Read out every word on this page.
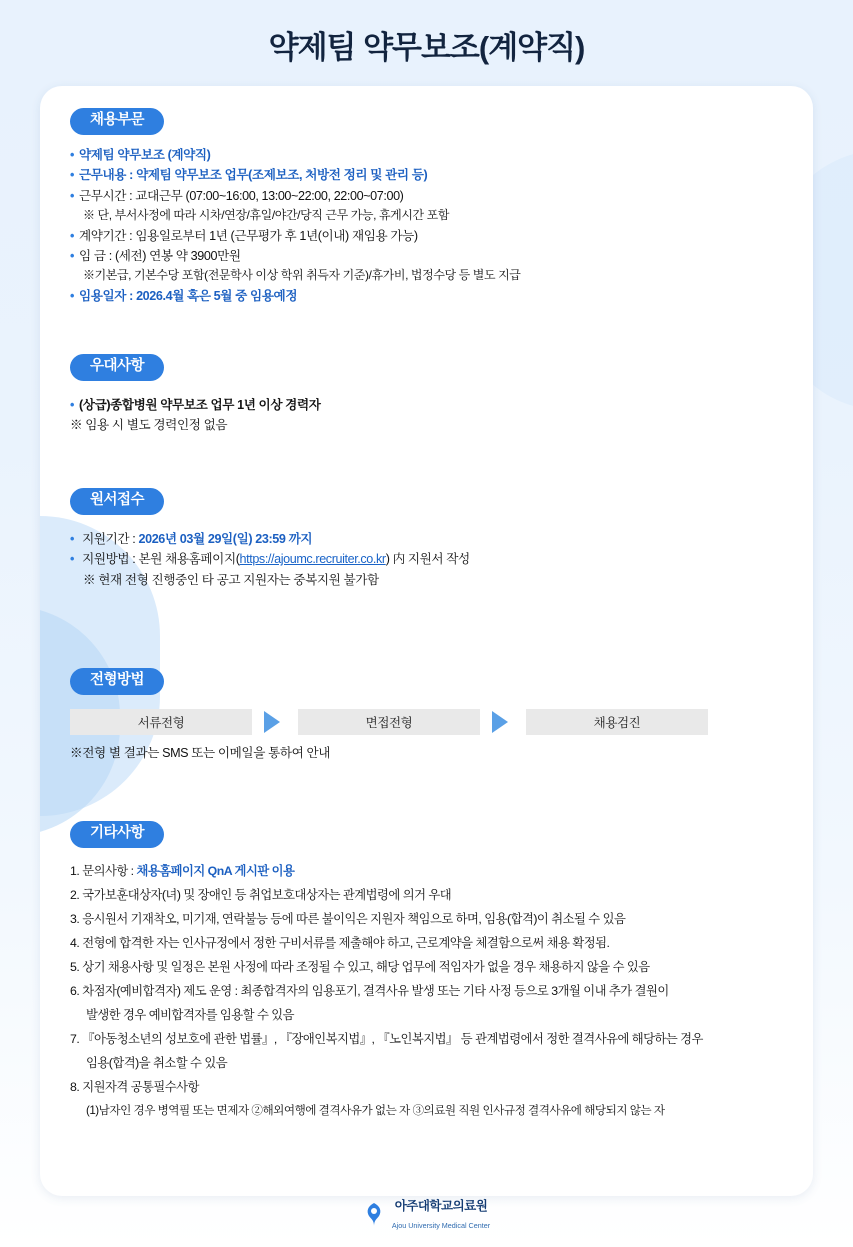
약제팀 약무보조(계약직)
채용부문
• 약제팀 약무보조 (계약직)
• 근무내용 : 약제팀 약무보조 업무(조제보조, 처방전 정리 및 관리 등)
• 근무시간 : 교대근무 (07:00~16:00, 13:00~22:00, 22:00~07:00)
※ 단, 부서사정에 따라 시차/연장/휴일/야간/당직 근무 가능, 휴게시간 포함
• 계약기간 : 임용일로부터 1년 (근무평가 후 1년(이내) 재임용 가능)
• 임 금 : (세전) 연봉 약 3900만원
※기본급, 기본수당 포함(전문학사 이상 학위 취득자 기준)/휴가비, 법정수당 등 별도 지급
• 임용일자 : 2026.4월 혹은 5월 중 임용예정
우대사항
• (상급)종합병원 약무보조 업무 1년 이상 경력자
※ 임용 시 별도 경력인정 없음
원서접수
• 지원기간 : 2026년 03월 29일(일) 23:59 까지
• 지원방법 : 본원 채용홈페이지(https://ajoumc.recruiter.co.kr) 内 지원서 작성
※ 현재 전형 진행중인 타 공고 지원자는 중복지원 불가함
전형방법
서류전형	면접전형	채용검진
※전형 별 결과는 SMS 또는 이메일을 통하여 안내
기타사항
1. 문의사항 : 채용홈페이지 QnA 게시판 이용
2. 국가보훈대상자(녀) 및 장애인 등 취업보호대상자는 관계법령에 의거 우대
3. 응시원서 기재착오, 미기재, 연락불능 등에 따른 불이익은 지원자 책임으로 하며, 임용(합격)이 취소될 수 있음
4. 전형에 합격한 자는 인사규정에서 정한 구비서류를 제출해야 하고, 근로계약을 체결함으로써 채용 확정됨.
5. 상기 채용사항 및 일정은 본원 사정에 따라 조정될 수 있고, 해당 업무에 적임자가 없을 경우 채용하지 않을 수 있음
6. 차점자(예비합격자) 제도 운영 : 최종합격자의 임용포기, 결격사유 발생 또는 기타 사정 등으로 3개월 이내 추가 결원이
발생한 경우 예비합격자를 임용할 수 있음
7. 『아동청소년의 성보호에 관한 법률』, 『장애인복지법』, 『노인복지법』 등 관계법령에서 정한 결격사유에 해당하는 경우
임용(합격)을 취소할 수 있음
8. 지원자격 공통필수사항
(1)남자인 경우 병역필 또는 면제자 ②해외여행에 결격사유가 없는 자 ③의료원 직원 인사규정 결격사유에 해당되지 않는 자
아주대학교의료원
Ajou University Medical Center
